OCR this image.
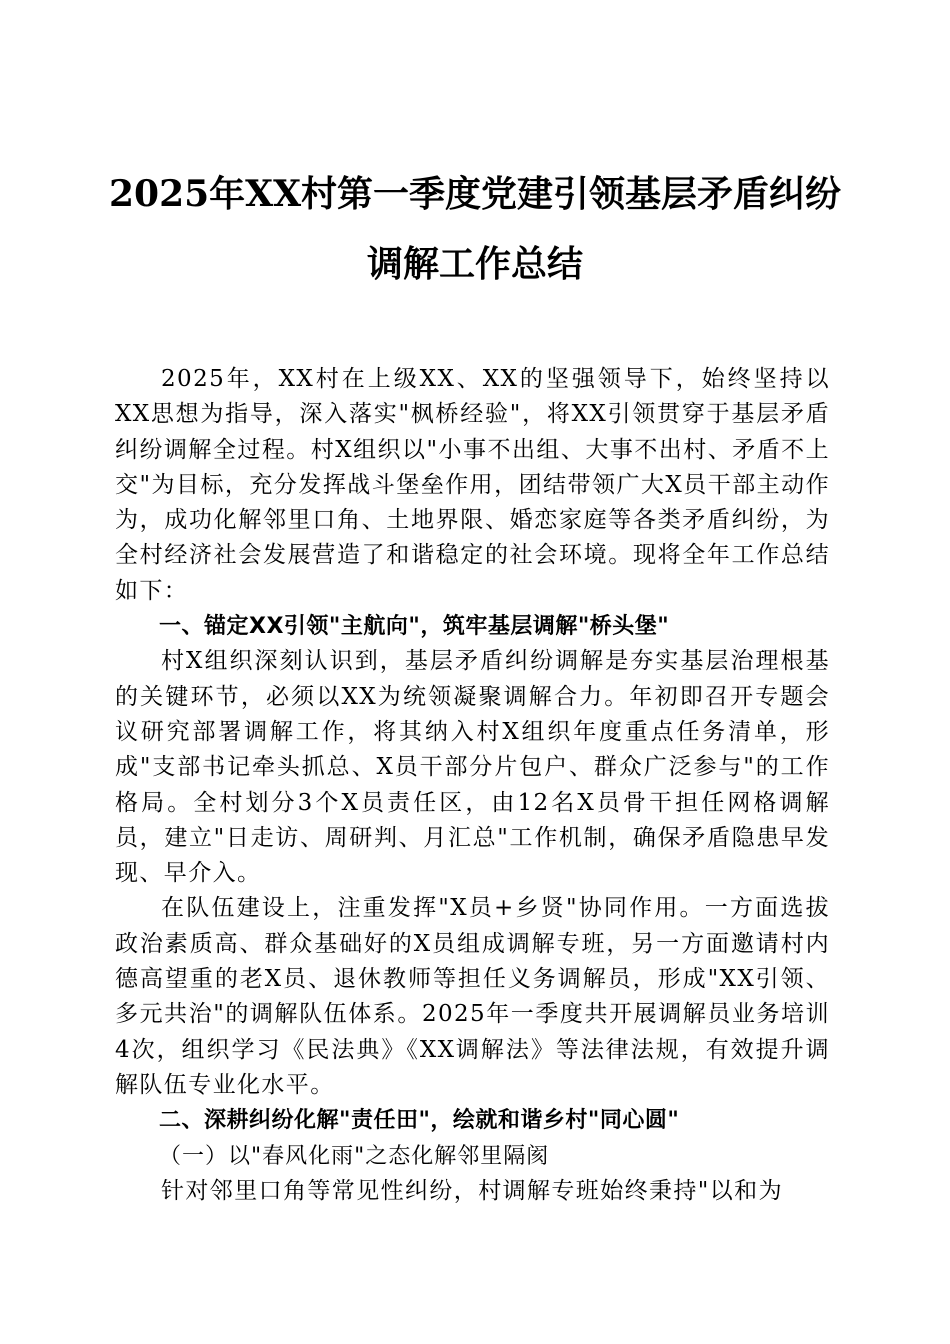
2025年XX村第一季度党建引领基层矛盾纠纷
调解工作总结

2025年，XX村在上级XX、XX的坚强领导下，始终坚持以XX思想为指导，深入落实"枫桥经验"，将XX引领贯穿于基层矛盾纠纷调解全过程。村X组织以"小事不出组、大事不出村、矛盾不上交"为目标，充分发挥战斗堡垒作用，团结带领广大X员干部主动作为，成功化解邻里口角、土地界限、婚恋家庭等各类矛盾纠纷，为全村经济社会发展营造了和谐稳定的社会环境。现将全年工作总结如下：

一、锚定XX引领"主航向"，筑牢基层调解"桥头堡"

村X组织深刻认识到，基层矛盾纠纷调解是夯实基层治理根基的关键环节，必须以XX为统领凝聚调解合力。年初即召开专题会议研究部署调解工作，将其纳入村X组织年度重点任务清单，形成"支部书记牵头抓总、X员干部分片包户、群众广泛参与"的工作格局。全村划分3个X员责任区，由12名X员骨干担任网格调解员，建立"日走访、周研判、月汇总"工作机制，确保矛盾隐患早发现、早介入。

在队伍建设上，注重发挥"X员+乡贤"协同作用。一方面选拔政治素质高、群众基础好的X员组成调解专班，另一方面邀请村内德高望重的老X员、退休教师等担任义务调解员，形成"XX引领、多元共治"的调解队伍体系。2025年一季度共开展调解员业务培训4次，组织学习《民法典》《XX调解法》等法律法规，有效提升调解队伍专业化水平。

二、深耕纠纷化解"责任田"，绘就和谐乡村"同心圆"

（一）以"春风化雨"之态化解邻里隔阂

针对邻里口角等常见性纠纷，村调解专班始终秉持"以和为
